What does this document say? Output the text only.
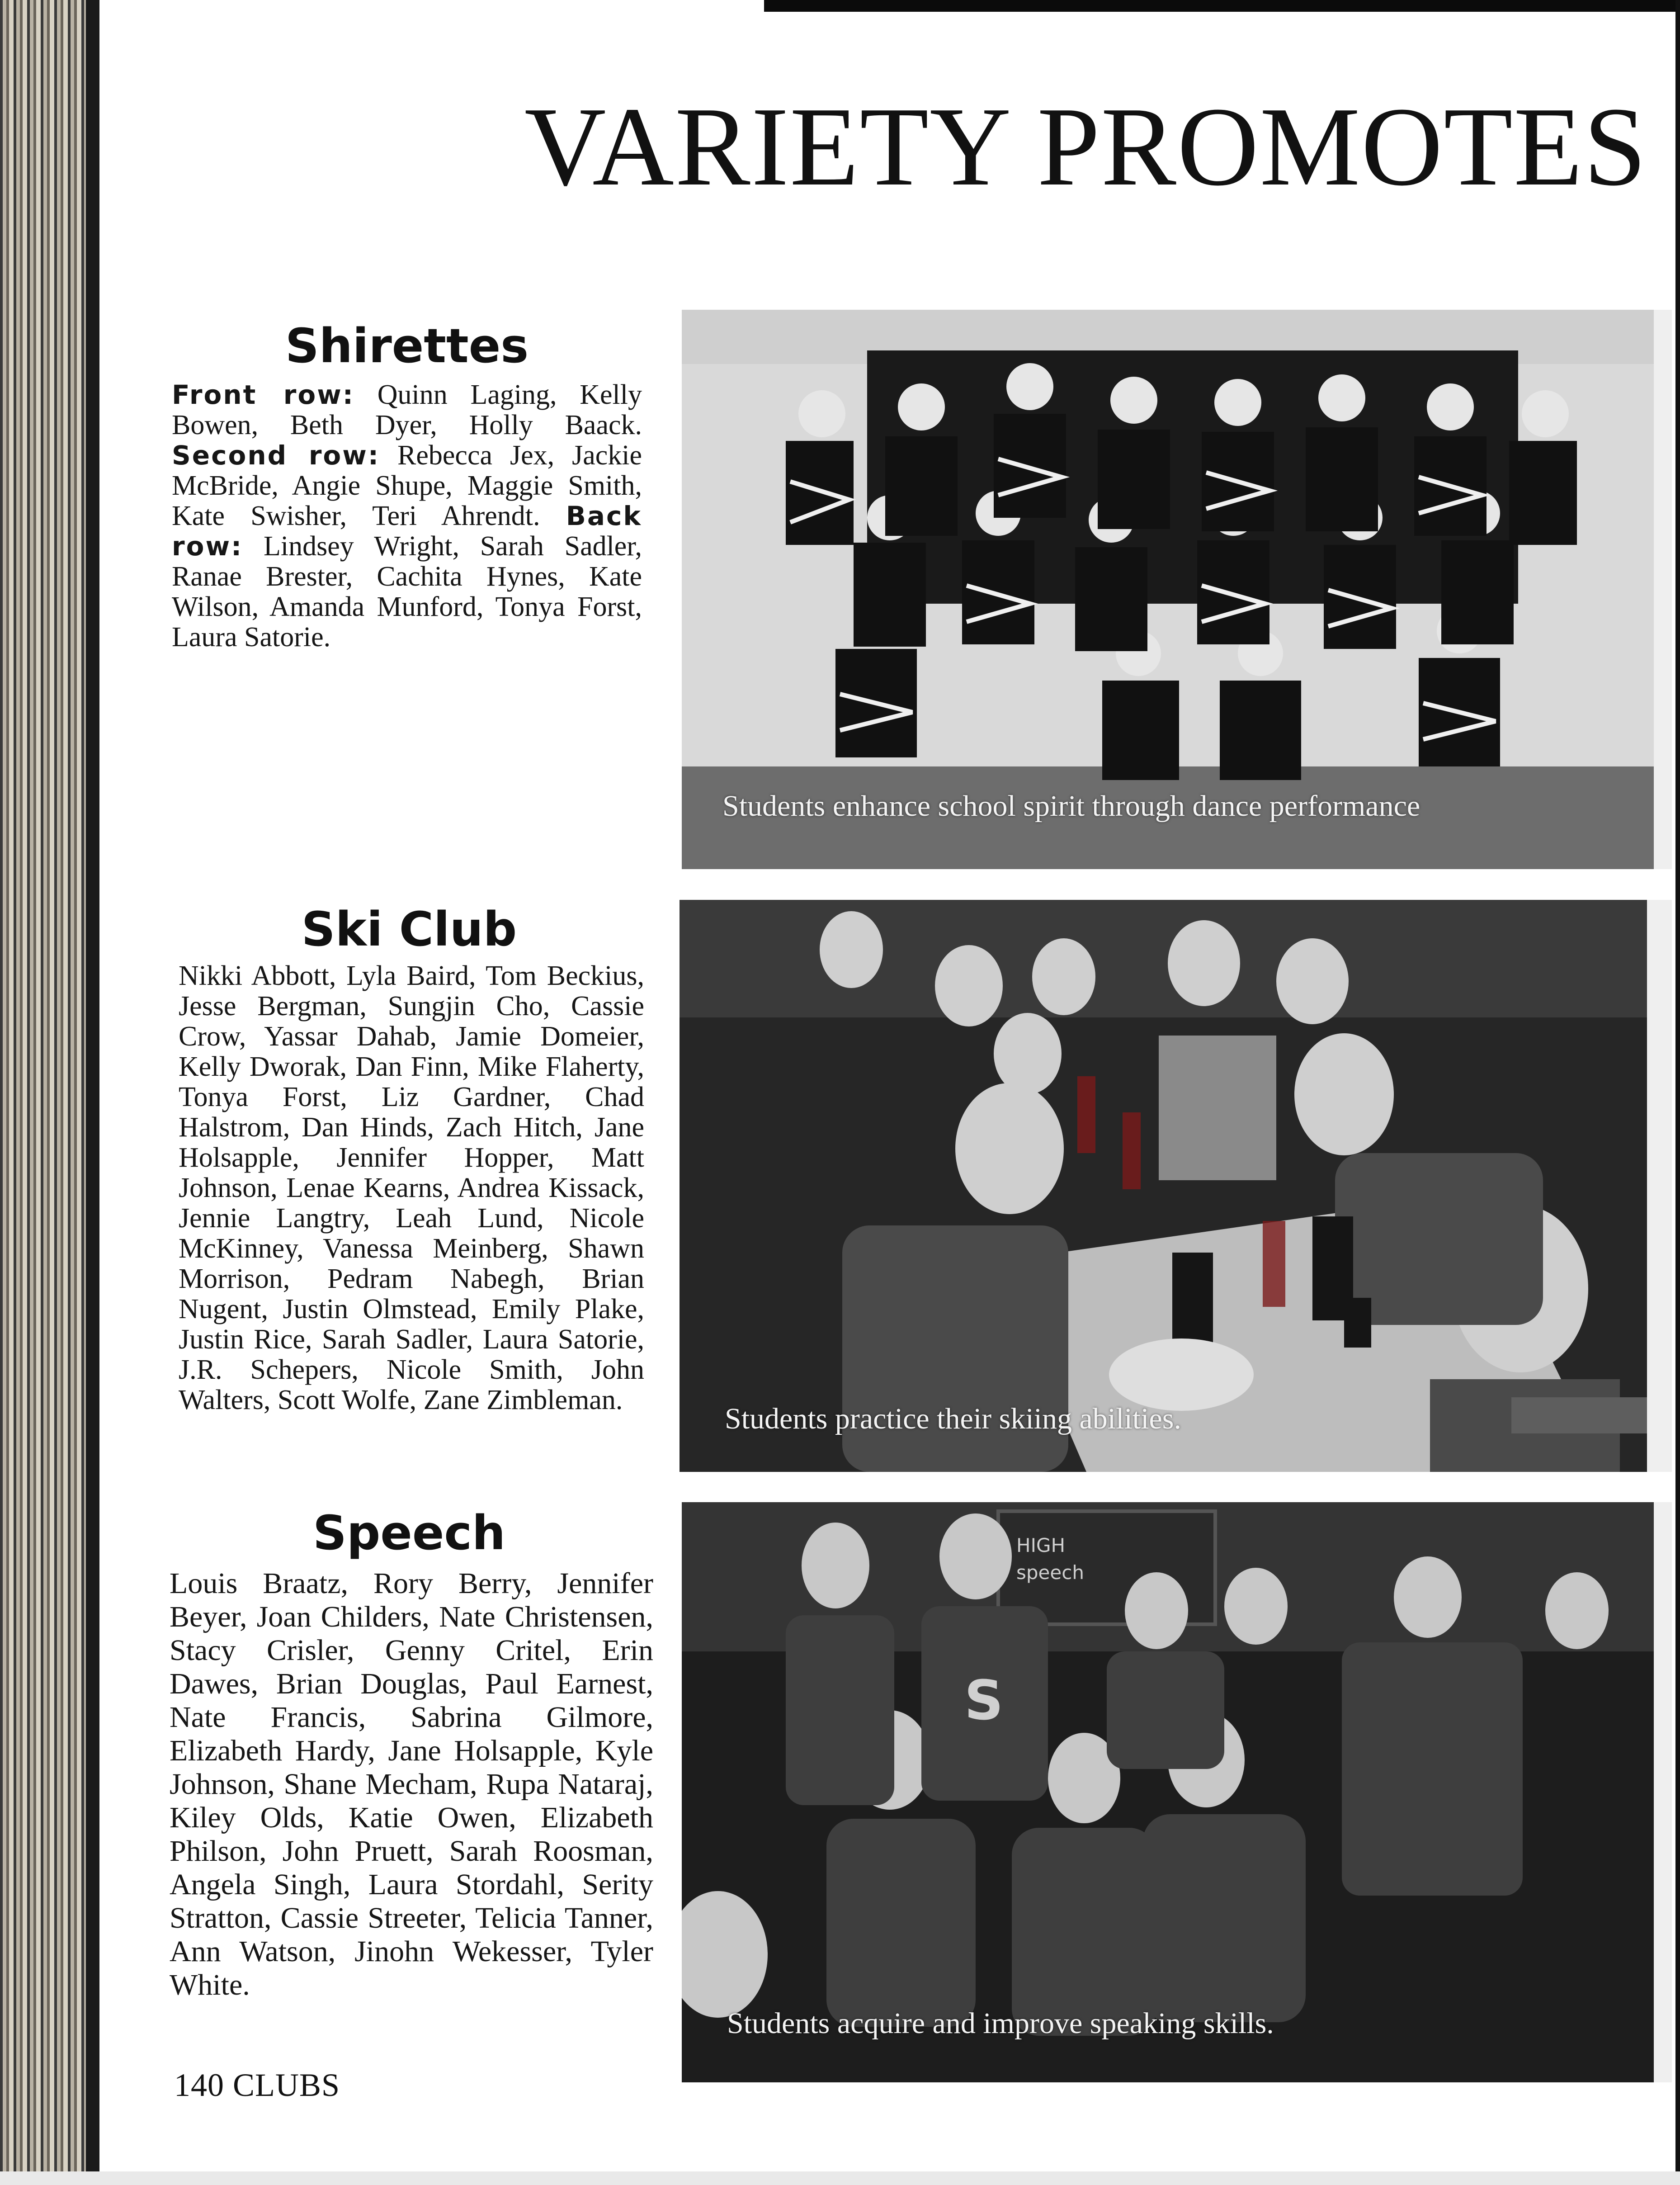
VARIETY PROMOTES
Shirettes
Front row: Quinn Laging, Kelly Bowen, Beth Dyer, Holly Baack. Second row: Rebecca Jex, Jackie McBride, Angie Shupe, Maggie Smith, Kate Swisher, Teri Ahrendt. Back row: Lindsey Wright, Sarah Sadler, Ranae Brester, Cachita Hynes, Kate Wilson, Amanda Munford, Tonya Forst, Laura Satorie.
Students enhance school spirit through dance performance
Ski Club
Nikki Abbott, Lyla Baird, Tom Beckius, Jesse Bergman, Sungjin Cho, Cassie Crow, Yassar Dahab, Jamie Domeier, Kelly Dworak, Dan Finn, Mike Flaherty, Tonya Forst, Liz Gardner, Chad Halstrom, Dan Hinds, Zach Hitch, Jane Holsapple, Jennifer Hopper, Matt Johnson, Lenae Kearns, Andrea Kissack, Jennie Langtry, Leah Lund, Nicole McKinney, Vanessa Meinberg, Shawn Morrison, Pedram Nabegh, Brian Nugent, Justin Olmstead, Emily Plake, Justin Rice, Sarah Sadler, Laura Satorie, J.R. Schepers, Nicole Smith, John Walters, Scott Wolfe, Zane Zimbleman.
Students practice their skiing abilities.
Speech
Louis Braatz, Rory Berry, Jennifer Beyer, Joan Childers, Nate Christensen, Stacy Crisler, Genny Critel, Erin Dawes, Brian Douglas, Paul Earnest, Nate Francis, Sabrina Gilmore, Elizabeth Hardy, Jane Holsapple, Kyle Johnson, Shane Mecham, Rupa Nataraj, Kiley Olds, Katie Owen, Elizabeth Philson, John Pruett, Sarah Roosman, Angela Singh, Laura Stordahl, Serity Stratton, Cassie Streeter, Telicia Tanner, Ann Watson, Jinohn Wekesser, Tyler White.
HIGH
speech
S
Students acquire and improve speaking skills.
140 CLUBS
